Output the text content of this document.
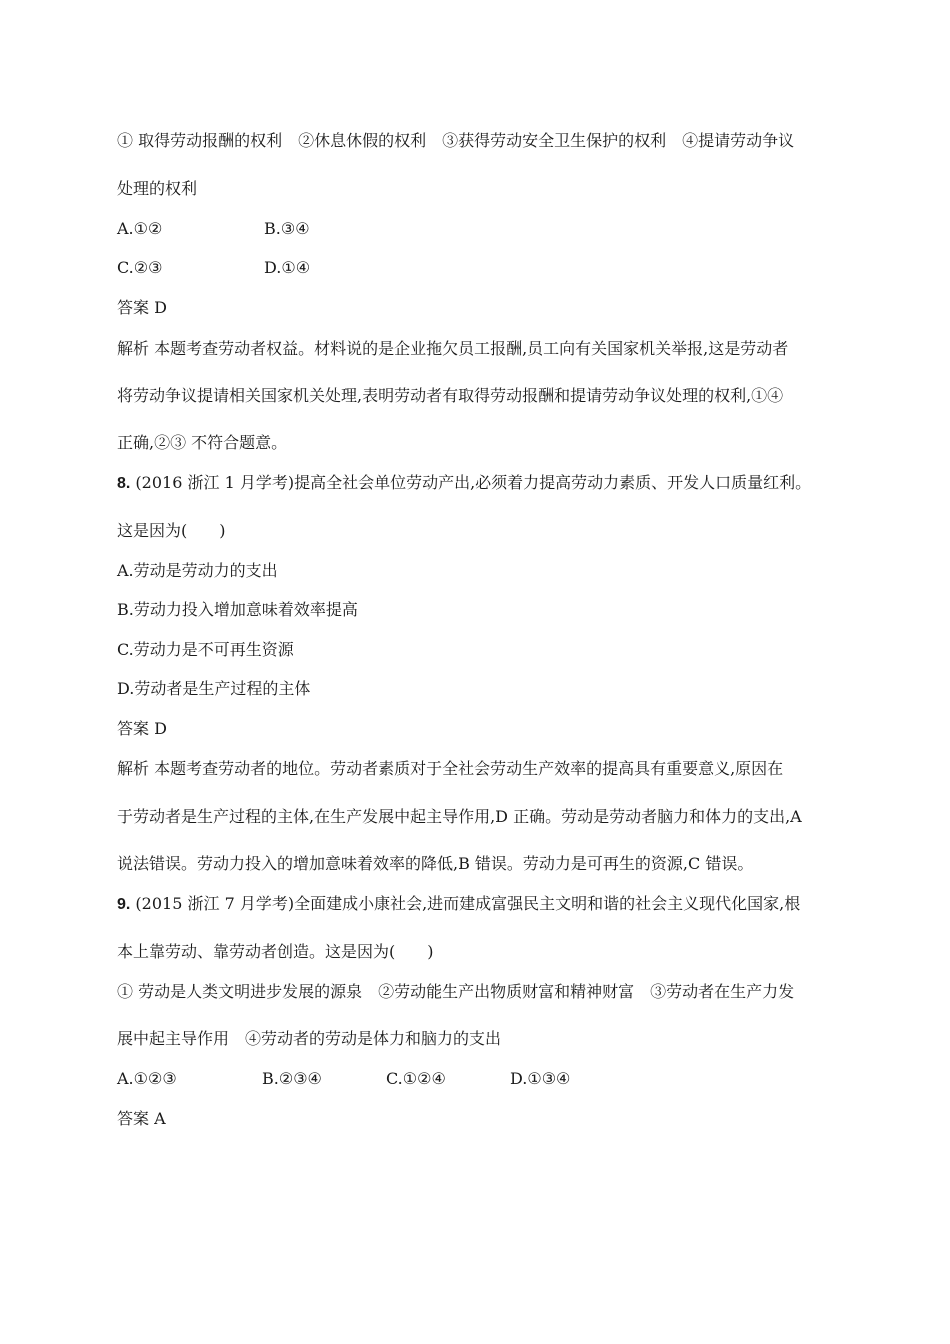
① 取得劳动报酬的权利　②休息休假的权利　③获得劳动安全卫生保护的权利　④提请劳动争议
处理的权利
A.①②	B.③④
C.②③	D.①④
答案 D
解析 本题考查劳动者权益。材料说的是企业拖欠员工报酬,员工向有关国家机关举报,这是劳动者
将劳动争议提请相关国家机关处理,表明劳动者有取得劳动报酬和提请劳动争议处理的权利,①④
正确,②③ 不符合题意。
8. (2016 浙江 1 月学考)提高全社会单位劳动产出,必须着力提高劳动力素质、开发人口质量红利。
这是因为(　　)
A.劳动是劳动力的支出
B.劳动力投入增加意味着效率提高
C.劳动力是不可再生资源
D.劳动者是生产过程的主体
答案 D
解析 本题考查劳动者的地位。劳动者素质对于全社会劳动生产效率的提高具有重要意义,原因在
于劳动者是生产过程的主体,在生产发展中起主导作用,D 正确。劳动是劳动者脑力和体力的支出,A
说法错误。劳动力投入的增加意味着效率的降低,B 错误。劳动力是可再生的资源,C 错误。
9. (2015 浙江 7 月学考)全面建成小康社会,进而建成富强民主文明和谐的社会主义现代化国家,根
本上靠劳动、靠劳动者创造。这是因为(　　)
① 劳动是人类文明进步发展的源泉　②劳动能生产出物质财富和精神财富　③劳动者在生产力发
展中起主导作用　④劳动者的劳动是体力和脑力的支出
A.①②③	B.②③④	C.①②④	D.①③④
答案 A
